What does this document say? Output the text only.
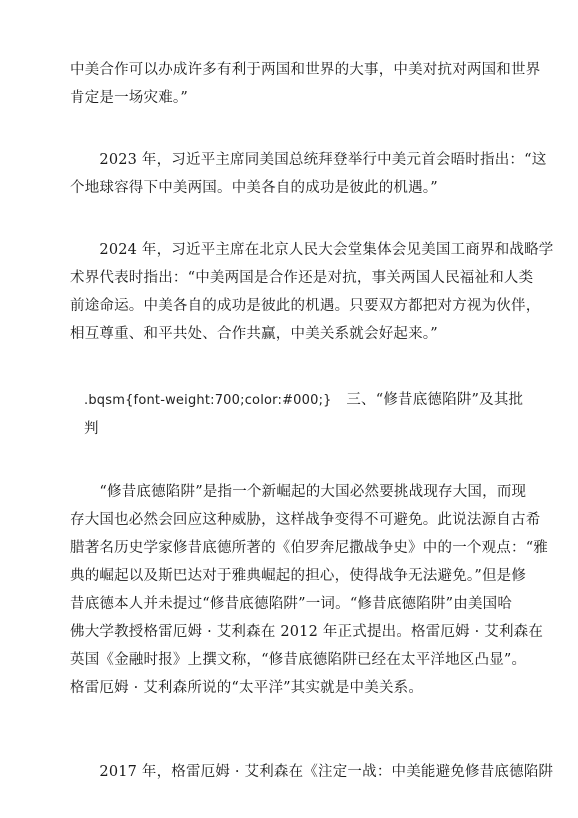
中美合作可以办成许多有利于两国和世界的大事，中美对抗对两国和世界
肯定是一场灾难。”

　　2023 年，习近平主席同美国总统拜登举行中美元首会晤时指出：“这
个地球容得下中美两国。中美各自的成功是彼此的机遇。”

　　2024 年，习近平主席在北京人民大会堂集体会见美国工商界和战略学
术界代表时指出：“中美两国是合作还是对抗，事关两国人民福祉和人类
前途命运。中美各自的成功是彼此的机遇。只要双方都把对方视为伙伴，
相互尊重、和平共处、合作共赢，中美关系就会好起来。”

.bqsm{font-weight:700;color:#000;}　三、“修昔底德陷阱”及其批
判

　　“修昔底德陷阱”是指一个新崛起的大国必然要挑战现存大国，而现
存大国也必然会回应这种威胁，这样战争变得不可避免。此说法源自古希
腊著名历史学家修昔底德所著的《伯罗奔尼撒战争史》中的一个观点：“雅
典的崛起以及斯巴达对于雅典崛起的担心，使得战争无法避免。”但是修
昔底德本人并未提过“修昔底德陷阱”一词。“修昔底德陷阱”由美国哈
佛大学教授格雷厄姆 · 艾利森在 2012 年正式提出。格雷厄姆 · 艾利森在
英国《金融时报》上撰文称，“修昔底德陷阱已经在太平洋地区凸显”。
格雷厄姆 · 艾利森所说的“太平洋”其实就是中美关系。

　　2017 年，格雷厄姆 · 艾利森在《注定一战：中美能避免修昔底德陷阱
